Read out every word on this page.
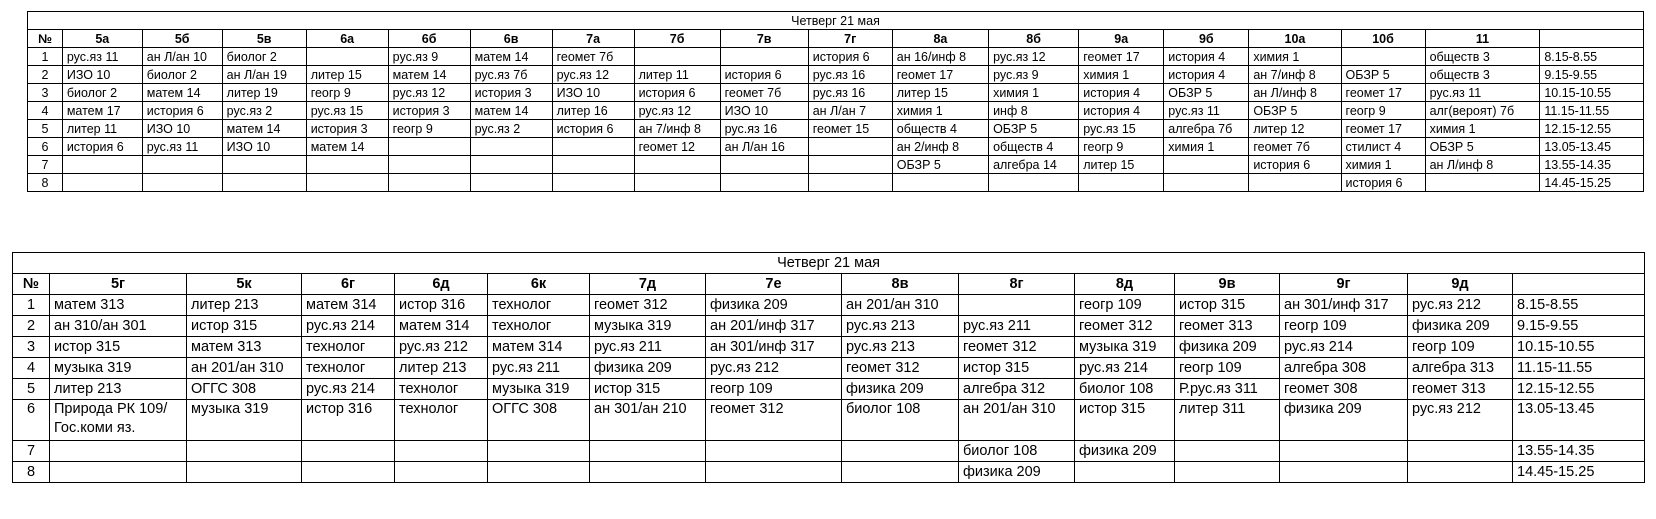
Четверг 21 мая																		
№	5а	5б	5в	6а	6б	6в	7а	7б	7в	7г	8а	8б	9а	9б	10а	10б	11	
1	рус.яз 11	ан Л/ан 10	биолог 2		рус.яз 9	матем 14	геомет 7б			история 6	ан 16/инф 8	рус.яз 12	геомет 17	история 4	химия 1		обществ 3	8.15-8.55
2	ИЗО 10	биолог 2	ан Л/ан 19	литер 15	матем 14	рус.яз 7б	рус.яз 12	литер 11	история 6	рус.яз 16	геомет 17	рус.яз 9	химия 1	история 4	ан 7/инф 8	ОБЗР 5	обществ 3	9.15-9.55
3	биолог 2	матем 14	литер 19	геогр 9	рус.яз 12	история 3	ИЗО 10	история 6	геомет 7б	рус.яз 16	литер 15	химия 1	история 4	ОБЗР 5	ан Л/инф 8	геомет 17	рус.яз 11	10.15-10.55
4	матем 17	история 6	рус.яз 2	рус.яз 15	история 3	матем 14	литер 16	рус.яз 12	ИЗО 10	ан Л/ан 7	химия 1	инф 8	история 4	рус.яз 11	ОБЗР 5	геогр 9	алг(вероят) 7б	11.15-11.55
5	литер 11	ИЗО 10	матем 14	история 3	геогр 9	рус.яз 2	история 6	ан 7/инф 8	рус.яз 16	геомет 15	обществ 4	ОБЗР 5	рус.яз 15	алгебра 7б	литер 12	геомет 17	химия 1	12.15-12.55
6	история 6	рус.яз 11	ИЗО 10	матем 14				геомет 12	ан Л/ан 16		ан 2/инф 8	обществ 4	геогр 9	химия 1	геомет 7б	стилист 4	ОБЗР 5	13.05-13.45
7											ОБЗР 5	алгебра 14	литер 15		история 6	химия 1	ан Л/инф 8	13.55-14.35
8																история 6		14.45-15.25
Четверг 21 мая														
№	5г	5к	6г	6д	6к	7д	7е	8в	8г	8д	9в	9г	9д	
1	матем 313	литер 213	матем 314	истор 316	технолог	геомет 312	физика 209	ан 201/ан 310		геогр 109	истор 315	ан 301/инф 317	рус.яз 212	8.15-8.55
2	ан 310/ан 301	истор 315	рус.яз 214	матем 314	технолог	музыка 319	ан 201/инф 317	рус.яз 213	рус.яз 211	геомет 312	геомет 313	геогр 109	физика 209	9.15-9.55
3	истор 315	матем 313	технолог	рус.яз 212	матем 314	рус.яз 211	ан 301/инф 317	рус.яз 213	геомет 312	музыка 319	физика 209	рус.яз 214	геогр 109	10.15-10.55
4	музыка 319	ан 201/ан 310	технолог	литер 213	рус.яз 211	физика 209	рус.яз 212	геомет 312	истор 315	рус.яз 214	геогр 109	алгебра 308	алгебра 313	11.15-11.55
5	литер 213	ОГГС 308	рус.яз 214	технолог	музыка 319	истор 315	геогр 109	физика 209	алгебра 312	биолог 108	Р.рус.яз 311	геомет 308	геомет 313	12.15-12.55
6	Природа РК 109/ Гос.коми яз.	музыка 319	истор 316	технолог	ОГГС 308	ан 301/ан 210	геомет 312	биолог 108	ан 201/ан 310	истор 315	литер 311	физика 209	рус.яз 212	13.05-13.45
7									биолог 108	физика 209				13.55-14.35
8									физика 209					14.45-15.25
